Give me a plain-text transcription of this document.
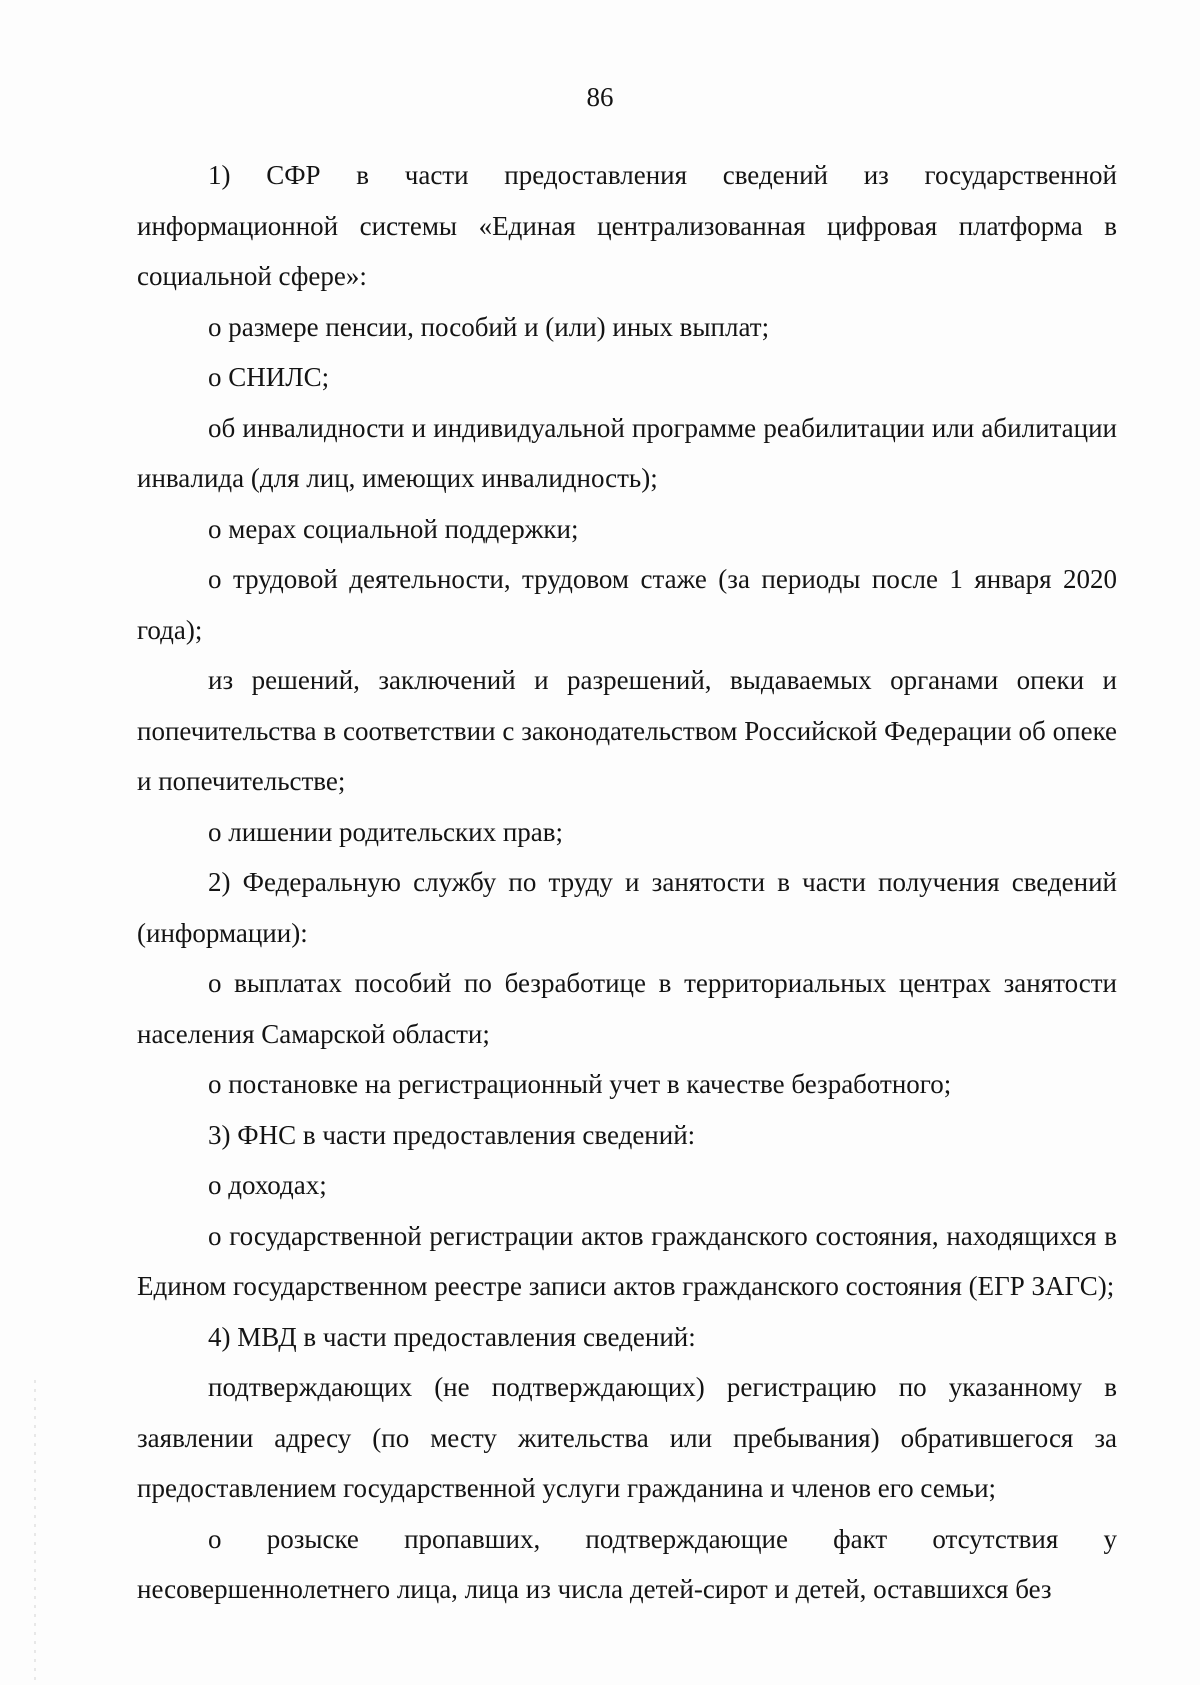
86

1) СФР в части предоставления сведений из государственной информационной системы «Единая централизованная цифровая платформа в социальной сфере»:

о размере пенсии, пособий и (или) иных выплат;

о СНИЛС;

об инвалидности и индивидуальной программе реабилитации или абилитации инвалида (для лиц, имеющих инвалидность);

о мерах социальной поддержки;

о трудовой деятельности, трудовом стаже (за периоды после 1 января 2020 года);

из решений, заключений и разрешений, выдаваемых органами опеки и попечительства в соответствии с законодательством Российской Федерации об опеке и попечительстве;

о лишении родительских прав;

2) Федеральную службу по труду и занятости в части получения сведений (информации):

о выплатах пособий по безработице в территориальных центрах занятости населения Самарской области;

о постановке на регистрационный учет в качестве безработного;

3) ФНС в части предоставления сведений:

о доходах;

о государственной регистрации актов гражданского состояния, находящихся в Едином государственном реестре записи актов гражданского состояния (ЕГР ЗАГС);

4) МВД в части предоставления сведений:

подтверждающих (не подтверждающих) регистрацию по указанному в заявлении адресу (по месту жительства или пребывания) обратившегося за предоставлением государственной услуги гражданина и членов его семьи;

о розыске пропавших, подтверждающие факт отсутствия у несовершеннолетнего лица, лица из числа детей-сирот и детей, оставшихся без
